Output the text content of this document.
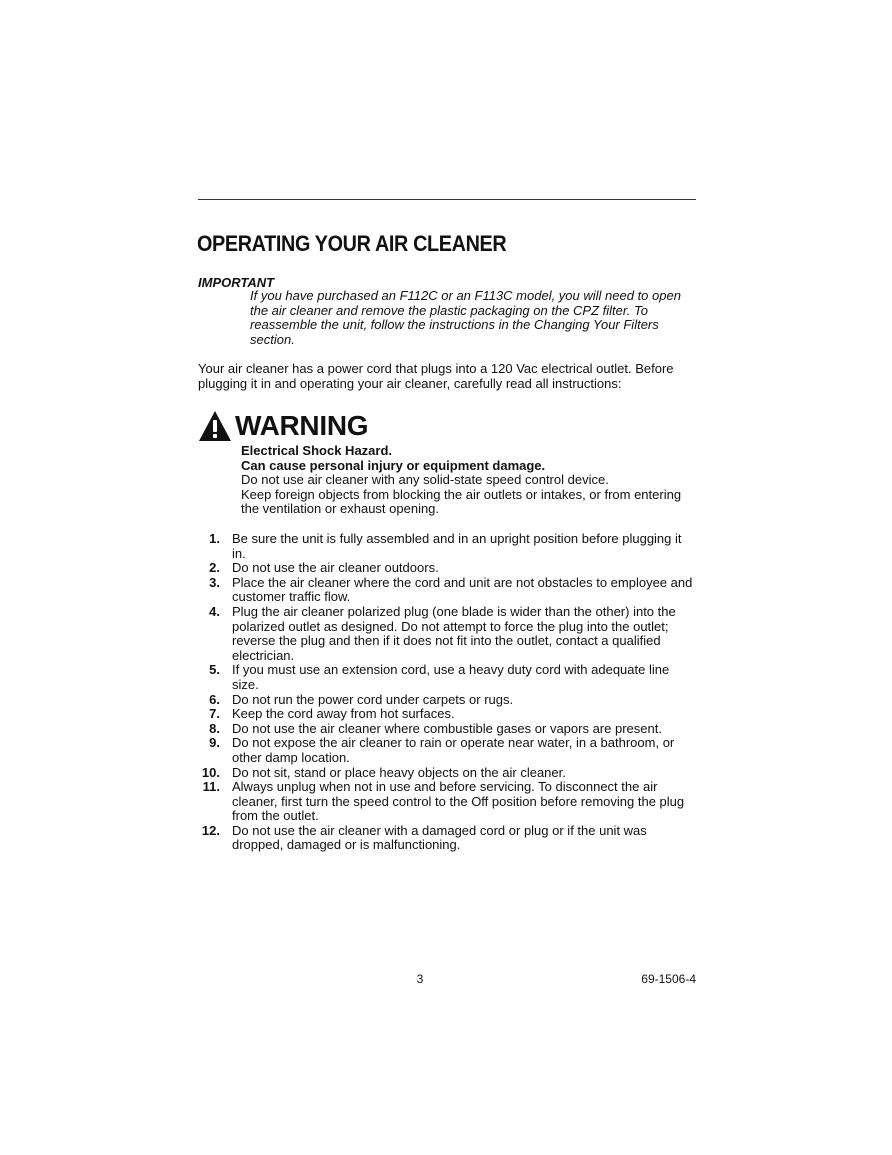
OPERATING YOUR AIR CLEANER
IMPORTANT
If you have purchased an F112C or an F113C model, you will need to open the air cleaner and remove the plastic packaging on the CPZ filter. To reassemble the unit, follow the instructions in the Changing Your Filters section.
Your air cleaner has a power cord that plugs into a 120 Vac electrical outlet. Before plugging it in and operating your air cleaner, carefully read all instructions:
WARNING
Electrical Shock Hazard.
Can cause personal injury or equipment damage.
Do not use air cleaner with any solid-state speed control device.
Keep foreign objects from blocking the air outlets or intakes, or from entering the ventilation or exhaust opening.
1. Be sure the unit is fully assembled and in an upright position before plugging it in.
2. Do not use the air cleaner outdoors.
3. Place the air cleaner where the cord and unit are not obstacles to employee and customer traffic flow.
4. Plug the air cleaner polarized plug (one blade is wider than the other) into the polarized outlet as designed. Do not attempt to force the plug into the outlet; reverse the plug and then if it does not fit into the outlet, contact a qualified electrician.
5. If you must use an extension cord, use a heavy duty cord with adequate line size.
6. Do not run the power cord under carpets or rugs.
7. Keep the cord away from hot surfaces.
8. Do not use the air cleaner where combustible gases or vapors are present.
9. Do not expose the air cleaner to rain or operate near water, in a bathroom, or other damp location.
10. Do not sit, stand or place heavy objects on the air cleaner.
11. Always unplug when not in use and before servicing. To disconnect the air cleaner, first turn the speed control to the Off position before removing the plug from the outlet.
12. Do not use the air cleaner with a damaged cord or plug or if the unit was dropped, damaged or is malfunctioning.
3	69-1506-4
